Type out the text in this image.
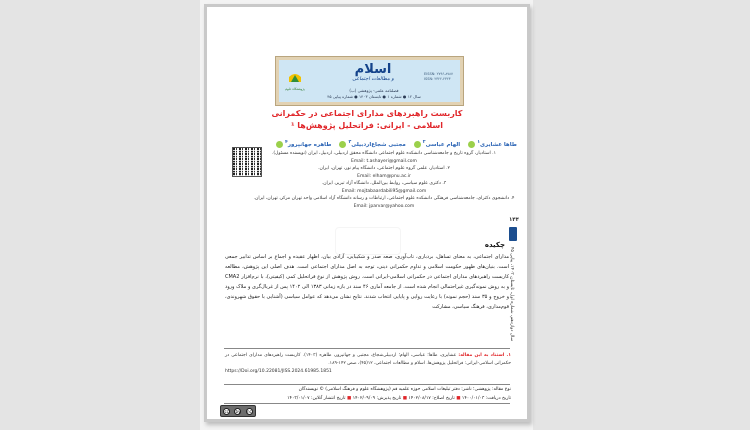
پژوهشگاه علوم
اسلام
و مطالعات اجتماعی
EISSN: ۲۷۹۶-۸۷۸۷
ISSN: ۲۳۲۲-۲۳۲۳
فصلنامه علمی- پژوهشی (ب)
سال ۱۲ ● شماره ۱ ● تابستان ۱۴۰۳ ● شماره پیاپی ۴۵
کاربست راهبردهای مدارای اجتماعی در حکمرانی
اسلامی - ایرانی: فراتحلیل پژوهش‌ها ¹
طاها عشایری$^۱$
الهام عباسی$^۲$
مجتبی شجاع‌اردبیلی$^۳$
طاهره جهانپرور$^۴$
۱. استادیار، گروه تاریخ و جامعه‌شناسی دانشکده علوم اجتماعی دانشگاه محقق اردبیلی، اردبیل، ایران (نویسنده مسئول).
Email: t.ashayeri@gmail.com
۲. استادیار، علمی گروه علوم اجتماعی، دانشگاه پیام نور، تهران، ایران.
Email: elham@pnu.ac.ir
۳. دکتری علوم سیاسی، روابط بین‌الملل، دانشگاه آزاد تبریز، ایران.
Email: mojtabaardabili95@gmail.com
۴. دانشجوی دکترای، جامعه‌شناسی فرهنگی دانشکده علوم اجتماعی، ارتباطات و رسانه دانشگاه آزاد اسلامی واحد تهران مرکز، تهران، ایران.
Email: jparvar@yahoo.com
چکیده
مدارای اجتماعی، به معنای تساهل، بردباری، تاب‌آوری، صعه صدر و شکیبایی، آزادی بیان، اظهار عقیده و اجماع بر اساس تدابیر جمعی است. بنیان‌های ظهور حکومت اسلامی و تداوم حکمرانی دینی، توجه به اصل مدارای اجتماعی است. هدف اصلی این پژوهش، مطالعه کاربست راهبردهای مدارای اجتماعی در حکمرانی اسلامی-ایرانی است. روش پژوهش از نوع فراتحلیل کمی (کیفیتی)، با نرم‌افزار CMA2 و به روش نمونه‌گیری غیراحتمالی انجام شده است. از جامعه آماری ۴۶ سند در بازه زمانی ۱۳۸۳ الی ۱۴۰۲ پس از غربال‌گری و ملاک ورود و خروج و ۳۵ سند (حجم نمونه) با رعایت روایی و پایایی انتخاب شدند. نتایج نشان می‌دهد که عوامل سیاسی (آشنایی با حقوق شهروندی، قوم‌مداری، فرهنگ سیاسی، مشارکت
۱. استناد به این مقاله: عشایری، طاها؛ عباسی، الهام؛ اردبیلی‌شجاع، مجتبی و جهانپرور، طاهره (۱۴۰۳). کاربست راهبردهای مدارای اجتماعی در حکمرانی اسلامی-ایرانی: فراتحلیل پژوهش‌ها. اسلام و مطالعات اجتماعی، ۱۲(۴۵)، صص ۱۴۲-۱۸۹.
https://Doi.org/10.22081/JISS.2024.61985.1851
نوع مقاله: پژوهشی؛ ناشر: دفتر تبلیغات اسلامی حوزه علمیه قم (پژوهشگاه علوم و فرهنگ اسلامی) © نویسندگان
تاریخ دریافت: ۱۴۰۰/۰۱/۰۳ ■ تاریخ اصلاح: ۱۴۰۲/۰۸/۱۷ ■ تاریخ پذیرش: ۱۴۰۲/۰۹/۰۹ ■ تاریخ انتشار آنلاین: ۱۴۰۳/۰۱/۰۷
cc	by nc
۱۴۴
سال دوازدهم، شماره اول، تابستان ۱۴۰۳، پیاپی ۴۵
